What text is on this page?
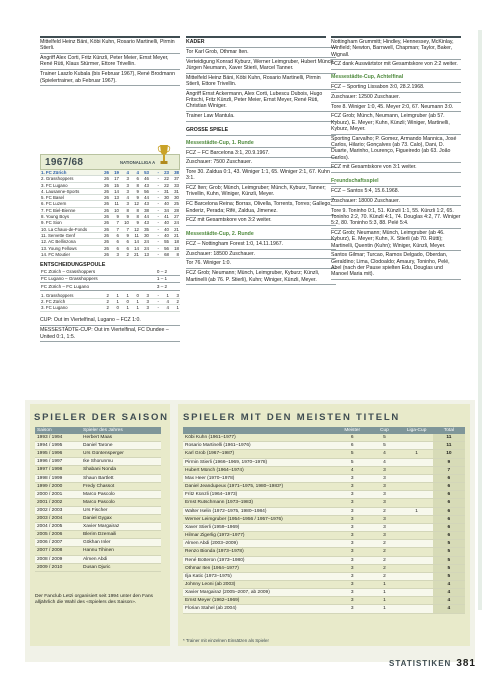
Mittelfeld Heinz Bäni, Köbi Kuhn, Rosario Martinelli, Pirmin Stierli.
Angriff Alex Corti, Fritz Künzli, Peter Meier, Ernst Meyer, René Rüti, Klaus Stürmer, Ettore Trivellin.
Trainer Laszlo Kubala (bis Februar 1967), René Brodmann (Spielertrainer, ab Februar 1967).
1967/68	NATIONALLIGA A
1. FC Zürich	26	19	4	4	53	-	23	38
2. Grasshoppers	26	17	3	6	46	-	22	37
3. FC Lugano	26	15	3	8	43	-	22	33
4. Lausanne-Sports	26	14	3	9	56	-	31	31
5. FC Basel	26	13	4	9	44	-	30	30
6. FC Luzern	26	11	3	12	43	-	40	25
7. FC Biel-Bienne	26	10	8	8	38	-	34	28
8. Young Boys	26	9	9	8	44	-	41	27
9. FC Sion	26	7	10	9	43	-	40	24
10. La Chaux-de-Fonds	26	7	7	12	35	-	40	21
11. Servette Genf	26	6	9	11	30	-	40	21
12. AC Bellinzona	26	6	6	14	24	-	55	18
13. Young Fellows	26	6	6	14	24	-	56	18
14. FC Moutier	26	3	2	21	13	-	68	8
ENTSCHEIDUNGSPOULE
FC Zürich – Grasshoppers	0 – 2
FC Lugano – Grasshoppers	1 – 1
FC Zürich – FC Lugano	3 – 2
1. Grasshoppers	2	1	1	0	3	-	1	3
2. FC Zürich	2	1	0	1	3	-	4	2
3. FC Lugano	2	0	1	1	3	-	4	1
CUP: Out im Viertelfinal, Lugano – FCZ 1:0.
MESSESTÄDTE-CUP: Out im Viertelfinal, FC Dundee – United 0:1, 1:5.
KADER
Tor Karl Grob, Othmar Iten.
Verteidigung Konrad Kyburz, Werner Leimgruber, Hubert Münch, Jürgen Neumann, Xaver Stierli, Marcel Tanner.
Mittelfeld Heinz Bäni, Köbi Kuhn, Rosario Martinelli, Pirmin Stierli, Ettore Trivellin.
Angriff Ernst Ackermann, Alex Corti, Lubescu Dubois, Hugo Fritschi, Fritz Künzli, Peter Meier, Ernst Meyer, René Rüti, Christian Winiger.
Trainer Law Mantula.
GROSSE SPIELE
Messestädte-Cup, 1. Runde
FCZ – FC Barcelona 3:1, 20.9.1967.
Zuschauer: 7500 Zuschauer.
Tore 30. Zaldua 0:1, 43. Winiger 1:1, 65. Winiger 2:1, 67. Kuhn 3:1.
FCZ Iten; Grob; Münch, Leimgruber; Münch, Kyburz, Tanner; Trivellin, Kuhn, Winiger, Künzli, Meyer.
FC Barcelona Reina; Borras, Olivella, Torrents, Torres; Gallego, Enderiz, Perada; Rifé, Zaldua, Jimenez.
FCZ mit Gesamtskore von 3:2 weiter.
Messestädte-Cup, 2. Runde
FCZ – Nottingham Forest 1:0, 14.11.1967.
Zuschauer: 18500 Zuschauer.
Tor 76. Winiger 1:0.
FCZ Grob; Neumann; Münch, Leimgruber, Kyburz; Künzli, Martinelli (ab 76. P. Stierli), Kuhn; Winiger, Künzli, Meyer.
Nottingham Grummitt; Hindley, Hennessey, McKinlay, Winfield; Newton, Barnwell, Chapman; Taylor, Baker, Wignall.
FCZ dank Auswärtstor mit Gesamtskore von 2:2 weiter.
Messestädte-Cup, Achtelfinal
FCZ – Sporting Lissabon 3:0, 28.2.1968.
Zuschauer: 12500 Zuschauer.
Tore 8. Winiger 1:0, 45. Meyer 2:0, 67. Neumann 3:0.
FCZ Grob; Münch, Neumann, Leimgruber (ab 57. Kyburz), E. Meyer; Kuhn, Künzli; Winiger, Martinelli, Kyburz, Meyer.
Sporting Carvalho; P. Gomez, Armando Mannica, José Carlos, Hilario; Gonçalves (ab 73. Calo), Dani, D. Duarte, Marinho, Lourenço, Figueiredo (ab 63. João Carlos).
FCZ mit Gesamtskore von 3:1 weiter.
Freundschaftsspiel
FCZ – Santos 5:4, 15.6.1968.
Zuschauer: 18000 Zuschauer.
Tore 9. Toninho 0:1, 51. Künzli 1:1, 55. Künzli 1:2, 65. Toninho 2:2, 70. Künzli 4:1, 74. Douglas 4:2, 77. Winiger 5:2, 80. Toninho 5:3, 88. Pelé 5:4.
FCZ Grob; Neumann; Münch, Leimgruber (ab 46. Kyburz), E. Meyer; Kuhn, X. Stierli (ab 70. Rütti); Martinelli, Quentin (Kuhn); Winiger, Künzli, Meyer.
Santos Gilmar; Turcao, Ramos Delgado, Oberdan, Geraldino; Lima, Clodoaldo; Amaury, Toninho, Pelé, Abel (nach der Pause spielten Edu, Douglas und Manoel Maria mit).
SPIELER DER SAISON SPIELER MIT DEN MEISTEN TITELN
Saison	Spieler des Jahres
1993 / 1994	Herbert Maas
1994 / 1995	Daniel Tarone
1995 / 1996	Urs Güntensperger
1996 / 1997	Ike Shorunmu
1997 / 1998	Shabani Nonda
1998 / 1999	Shaun Bartlett
1999 / 2000	Fredy Chassot
2000 / 2001	Marco Pascolo
2001 / 2002	Marco Pascolo
2002 / 2003	Urs Fischer
2003 / 2004	Daniel Gygax
2004 / 2005	Xavier Margairaz
2005 / 2006	Blerim Dzemaili
2006 / 2007	Gökhan Inler
2007 / 2008	Hannu Tihinen
2008 / 2009	Almen Abdi
2009 / 2010	Dusan Djuric
Der Fanclub Letzi organisiert seit 1994 unter den Fans alljährlich die Wahl des «Spielers des Saison».
	Meister	Cup	Liga-Cup	Total
Köbi Kuhn (1961–1977)	6	5		11
Rosario Martinelli (1961–1976)	6	5		11
Karl Grob (1967–1987)	5	4	1	10
Pirmin Stierli (1966–1969, 1970–1978)	5	4		9
Hubert Münch (1964–1974)	4	3		7
Max Heer (1970–1978)	3	3		6
Daniel Jeandupeux (1971–1975, 1980–1983*)	3	3		6
Fritz Künzli (1964–1973)	3	3		6
Ernst Rutschmann (1973–1983)	3	3		6
Walter Iselin (1972–1975, 1980–1984)	3	2	1	6
Werner Leimgruber (1954–1956 / 1957–1976)	3	3		6
Xaver Stierli (1959–1969)	3	3		6
Hilmar Zigerlig (1972–1977)	3	3		6
Almen Abdi (2003–2009)	3	2		5
Renzo Bionda (1973–1978)	3	2		5
René Botteron (1973–1980)	3	2		5
Othmar Iten (1964–1977)	3	2		5
Ilja Katic (1973–1975)	3	2		5
Johnny Leoni (ab 2003)	3	1		4
Xavier Margairaz (2005–2007, ab 2009)	3	1		4
Ernst Meyer (1962–1969)	3	1		4
Florian Stahel (ab 2004)	3	1		4
* Trainer mit einzelnen Einsätzen als Spieler
STATISTIKEN 381
